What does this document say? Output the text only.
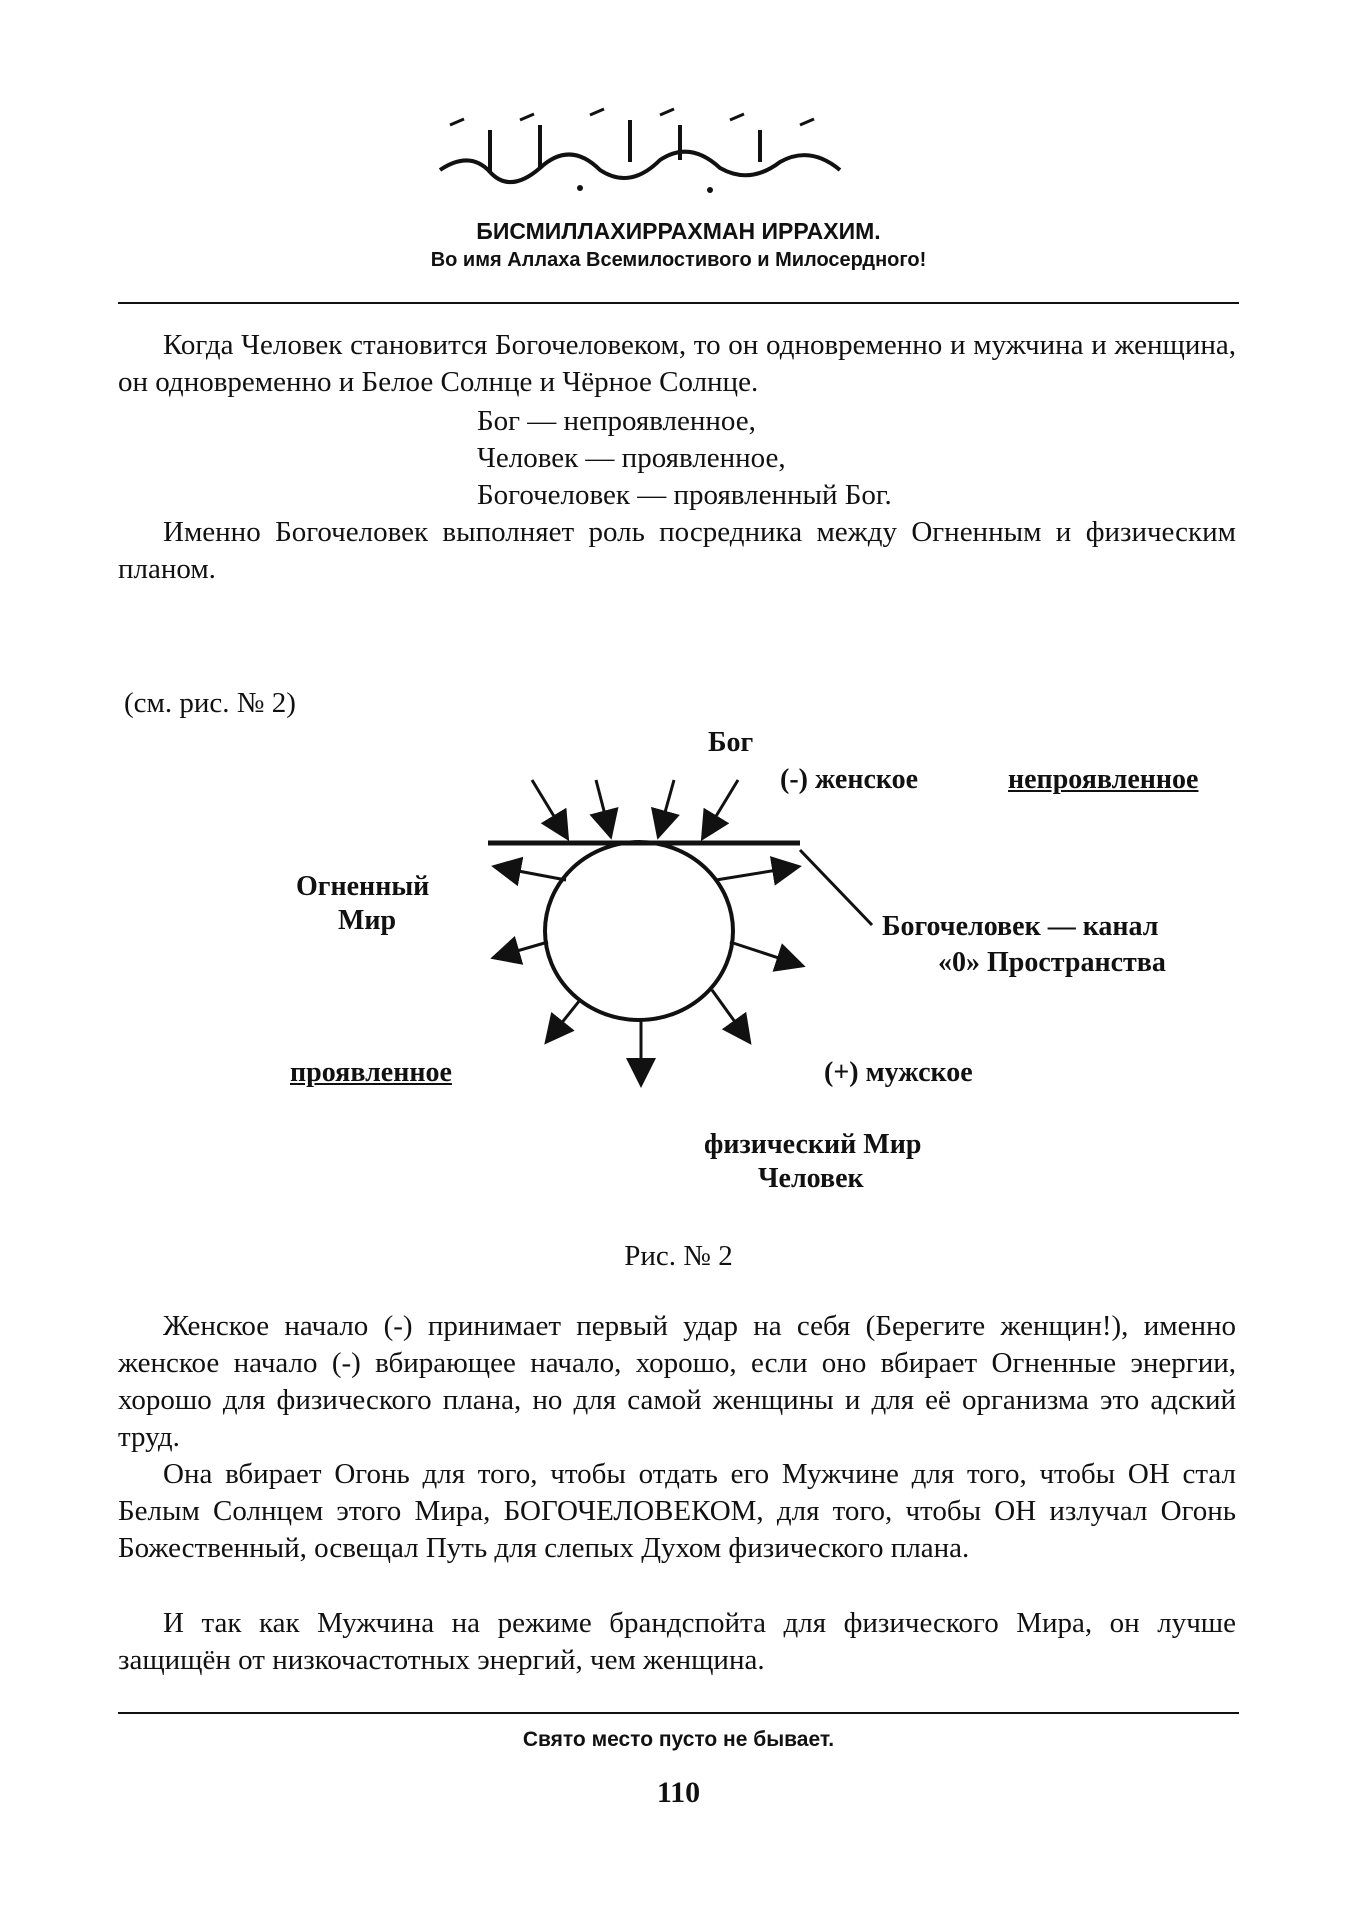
БИСМИЛЛАХИРРАХМАН ИРРАХИМ.
Во имя Аллаха Всемилостивого и Милосердного!

Когда Человек становится Богочеловеком, то он одновременно и мужчина и женщина, он одновременно и Белое Солнце и Чёрное Солнце.

Бог — непроявленное,
Человек — проявленное,
Богочеловек — проявленный Бог.

Именно Богочеловек выполняет роль посредника между Огненным и физическим планом.

(см. рис. № 2)
Бог
(-) женское	непроявленное
Огненный
Мир	Богочеловек — канал
«0» Пространства
проявленное	(+) мужское
физический Мир
Человек
Рис. № 2

Женское начало (-) принимает первый удар на себя (Берегите женщин!), именно женское начало (-) вбирающее начало, хорошо, если оно вбирает Огненные энергии, хорошо для физического плана, но для самой женщины и для её организма это адский труд.

Она вбирает Огонь для того, чтобы отдать его Мужчине для того, чтобы ОН стал Белым Солнцем этого Мира, БОГОЧЕЛОВЕКОМ, для того, чтобы ОН излучал Огонь Божественный, освещал Путь для слепых Духом физического плана.

И так как Мужчина на режиме брандспойта для физического Мира, он лучше защищён от низкочастотных энергий, чем женщина.

Свято место пусто не бывает.
110
